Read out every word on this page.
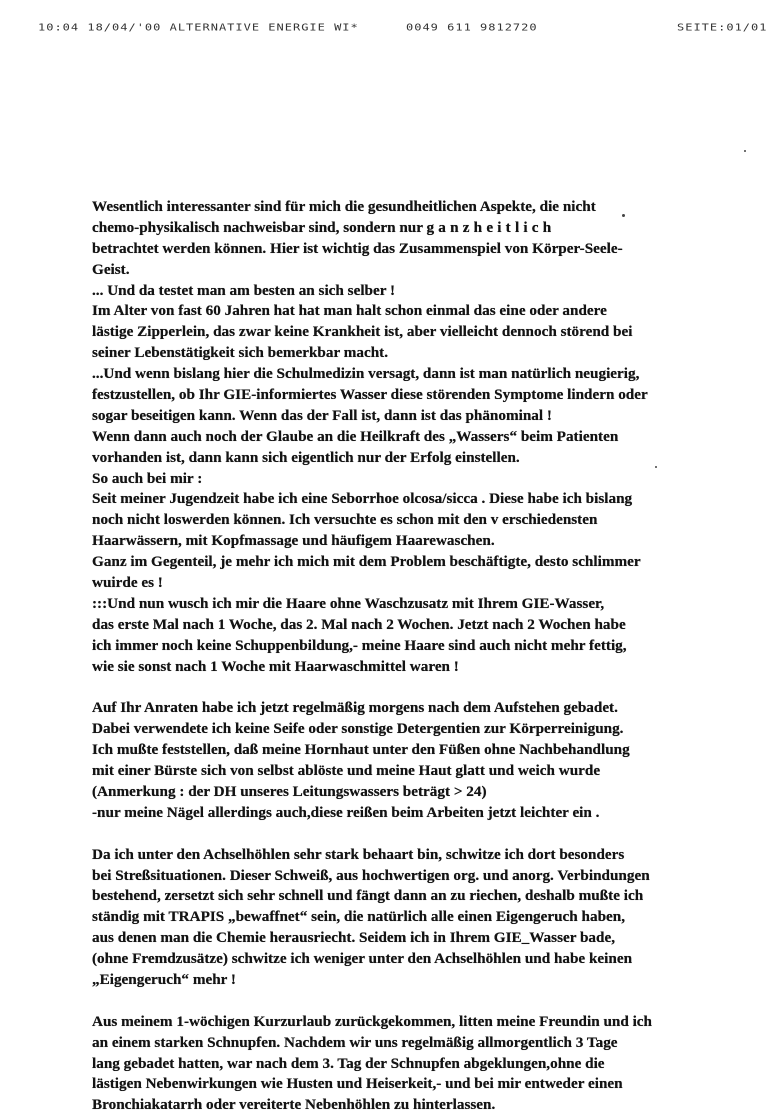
10:04 18/04/'00 ALTERNATIVE ENERGIE WI*	0049 611 9812720	SEITE:01/01
Wesentlich interessanter sind für mich die gesundheitlichen Aspekte, die nicht
chemo-physikalisch nachweisbar sind, sondern nur ganzheitlich
betrachtet werden können. Hier ist wichtig das Zusammenspiel von Körper-Seele-
Geist.
... Und da testet man am besten an sich selber !
Im Alter von fast 60 Jahren hat hat man halt schon einmal das eine oder andere
lästige Zipperlein, das zwar keine Krankheit ist, aber vielleicht dennoch störend bei
seiner Lebenstätigkeit sich bemerkbar macht.
...Und wenn bislang hier die Schulmedizin versagt, dann ist man natürlich neugierig,
festzustellen, ob Ihr GIE-informiertes Wasser diese störenden Symptome lindern oder
sogar beseitigen kann. Wenn das der Fall ist, dann ist das phänominal !
Wenn dann auch noch der Glaube an die Heilkraft des „Wassers“ beim Patienten
vorhanden ist, dann kann sich eigentlich nur der Erfolg einstellen.
So auch bei mir :
Seit meiner Jugendzeit habe ich eine Seborrhoe olcosa/sicca . Diese habe ich bislang
noch nicht loswerden können. Ich versuchte es schon mit den v erschiedensten
Haarwässern, mit Kopfmassage und häufigem Haarewaschen.
Ganz im Gegenteil, je mehr ich mich mit dem Problem beschäftigte, desto schlimmer
wuirde es !
:::Und nun wusch ich mir die Haare ohne Waschzusatz mit Ihrem GIE-Wasser,
das erste Mal nach 1 Woche, das 2. Mal nach 2 Wochen. Jetzt nach 2 Wochen habe
ich immer noch keine Schuppenbildung,- meine Haare sind auch nicht mehr fettig,
wie sie sonst nach 1 Woche mit Haarwaschmittel waren !
Auf Ihr Anraten habe ich jetzt regelmäßig morgens nach dem Aufstehen gebadet.
Dabei verwendete ich keine Seife oder sonstige Detergentien zur Körperreinigung.
Ich mußte feststellen, daß meine Hornhaut unter den Füßen ohne Nachbehandlung
mit einer Bürste sich von selbst ablöste und meine Haut glatt und weich wurde
(Anmerkung : der DH unseres Leitungswassers beträgt > 24)
-nur meine Nägel allerdings auch,diese reißen beim Arbeiten jetzt leichter ein .
Da ich unter den Achselhöhlen sehr stark behaart bin, schwitze ich dort besonders
bei Streßsituationen. Dieser Schweiß, aus hochwertigen org. und anorg. Verbindungen
bestehend, zersetzt sich sehr schnell und fängt dann an zu riechen, deshalb mußte ich
ständig mit TRAPIS „bewaffnet“ sein, die natürlich alle einen Eigengeruch haben,
aus denen man die Chemie herausriecht. Seidem ich in Ihrem GIE_Wasser bade,
(ohne Fremdzusätze) schwitze ich weniger unter den Achselhöhlen und habe keinen
„Eigengeruch“ mehr !
Aus meinem 1-wöchigen Kurzurlaub zurückgekommen, litten meine Freundin und ich
an einem starken Schnupfen. Nachdem wir uns regelmäßig allmorgentlich 3 Tage
lang gebadet hatten, war nach dem 3. Tag der Schnupfen abgeklungen,ohne die
lästigen Nebenwirkungen wie Husten und Heiserkeit,- und bei mir entweder einen
Bronchiakatarrh oder vereiterte Nebenhöhlen zu hinterlassen.
